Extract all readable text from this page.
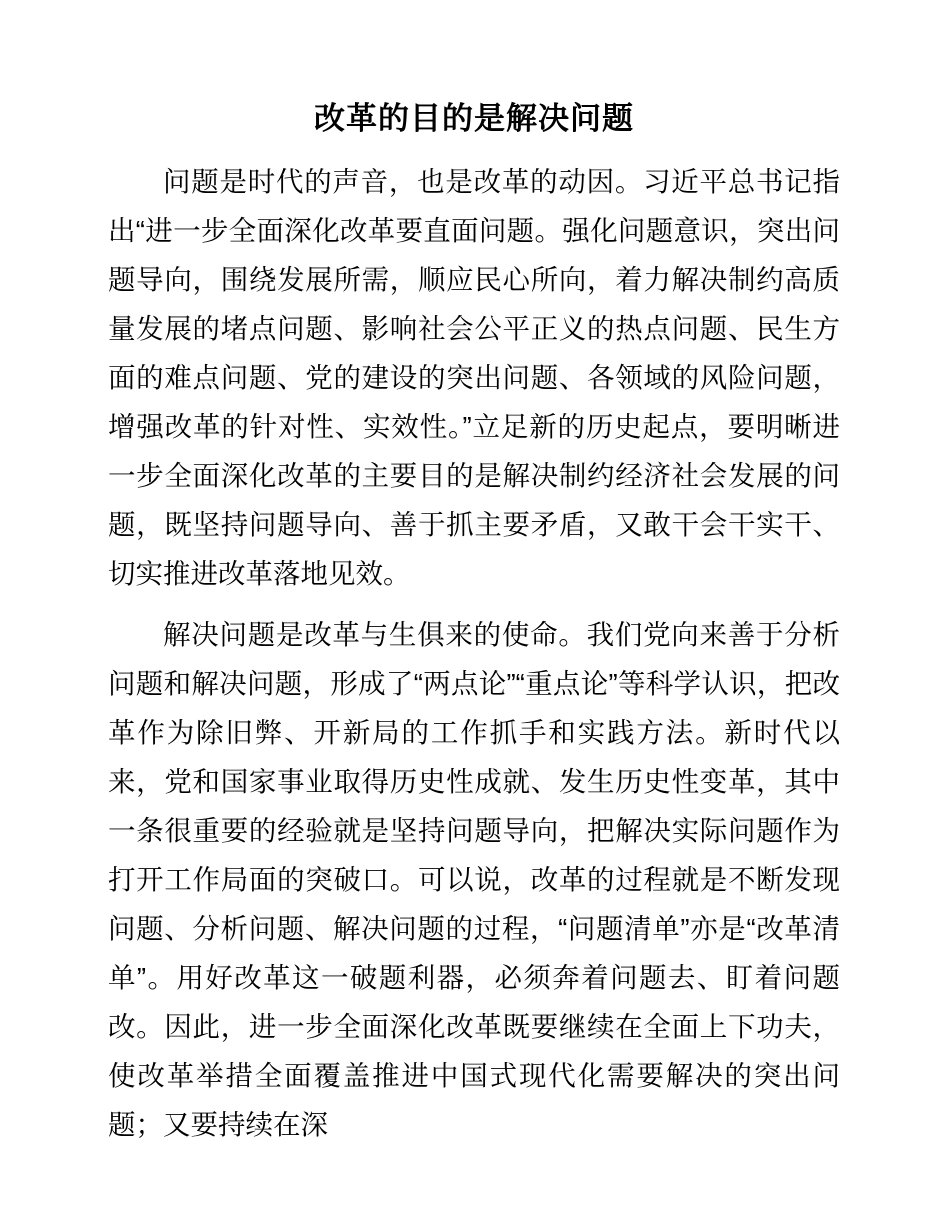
改革的目的是解决问题

问题是时代的声音，也是改革的动因。习近平总书记指出“进一步全面深化改革要直面问题。强化问题意识，突出问题导向，围绕发展所需，顺应民心所向，着力解决制约高质量发展的堵点问题、影响社会公平正义的热点问题、民生方面的难点问题、党的建设的突出问题、各领域的风险问题，增强改革的针对性、实效性。”立足新的历史起点，要明晰进一步全面深化改革的主要目的是解决制约经济社会发展的问题，既坚持问题导向、善于抓主要矛盾，又敢干会干实干、切实推进改革落地见效。

解决问题是改革与生俱来的使命。我们党向来善于分析问题和解决问题，形成了“两点论”“重点论”等科学认识，把改革作为除旧弊、开新局的工作抓手和实践方法。新时代以来，党和国家事业取得历史性成就、发生历史性变革，其中一条很重要的经验就是坚持问题导向，把解决实际问题作为打开工作局面的突破口。可以说，改革的过程就是不断发现问题、分析问题、解决问题的过程，“问题清单”亦是“改革清单”。用好改革这一破题利器，必须奔着问题去、盯着问题改。因此，进一步全面深化改革既要继续在全面上下功夫，使改革举措全面覆盖推进中国式现代化需要解决的突出问题；又要持续在深
